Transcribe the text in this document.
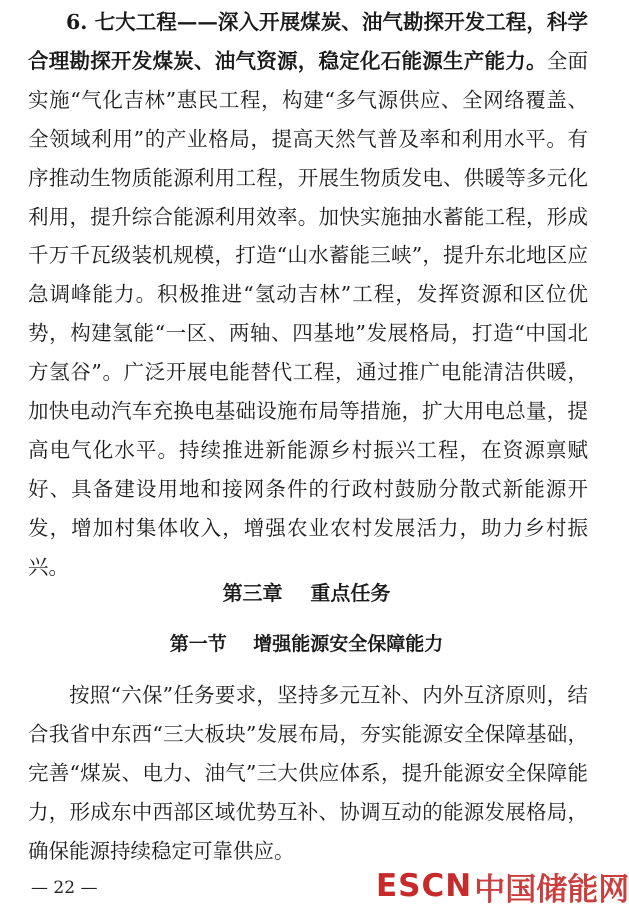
6. 七大工程——深入开展煤炭、油气勘探开发工程，科学合理勘探开发煤炭、油气资源，稳定化石能源生产能力。全面实施“气化吉林”惠民工程，构建“多气源供应、全网络覆盖、全领域利用”的产业格局，提高天然气普及率和利用水平。有序推动生物质能源利用工程，开展生物质发电、供暖等多元化利用，提升综合能源利用效率。加快实施抽水蓄能工程，形成千万千瓦级装机规模，打造“山水蓄能三峡”，提升东北地区应急调峰能力。积极推进“氢动吉林”工程，发挥资源和区位优势，构建氢能“一区、两轴、四基地”发展格局，打造“中国北方氢谷”。广泛开展电能替代工程，通过推广电能清洁供暖，加快电动汽车充换电基础设施布局等措施，扩大用电总量，提高电气化水平。持续推进新能源乡村振兴工程，在资源禀赋好、具备建设用地和接网条件的行政村鼓励分散式新能源开发，增加村集体收入，增强农业农村发展活力，助力乡村振兴。

第三章    重点任务
第一节    增强能源安全保障能力

按照“六保”任务要求，坚持多元互补、内外互济原则，结合我省中东西“三大板块”发展布局，夯实能源安全保障基础，完善“煤炭、电力、油气”三大供应体系，提升能源安全保障能力，形成东中西部区域优势互补、协调互动的能源发展格局，确保能源持续稳定可靠供应。

— 22 —	ESCN 中国储能网
